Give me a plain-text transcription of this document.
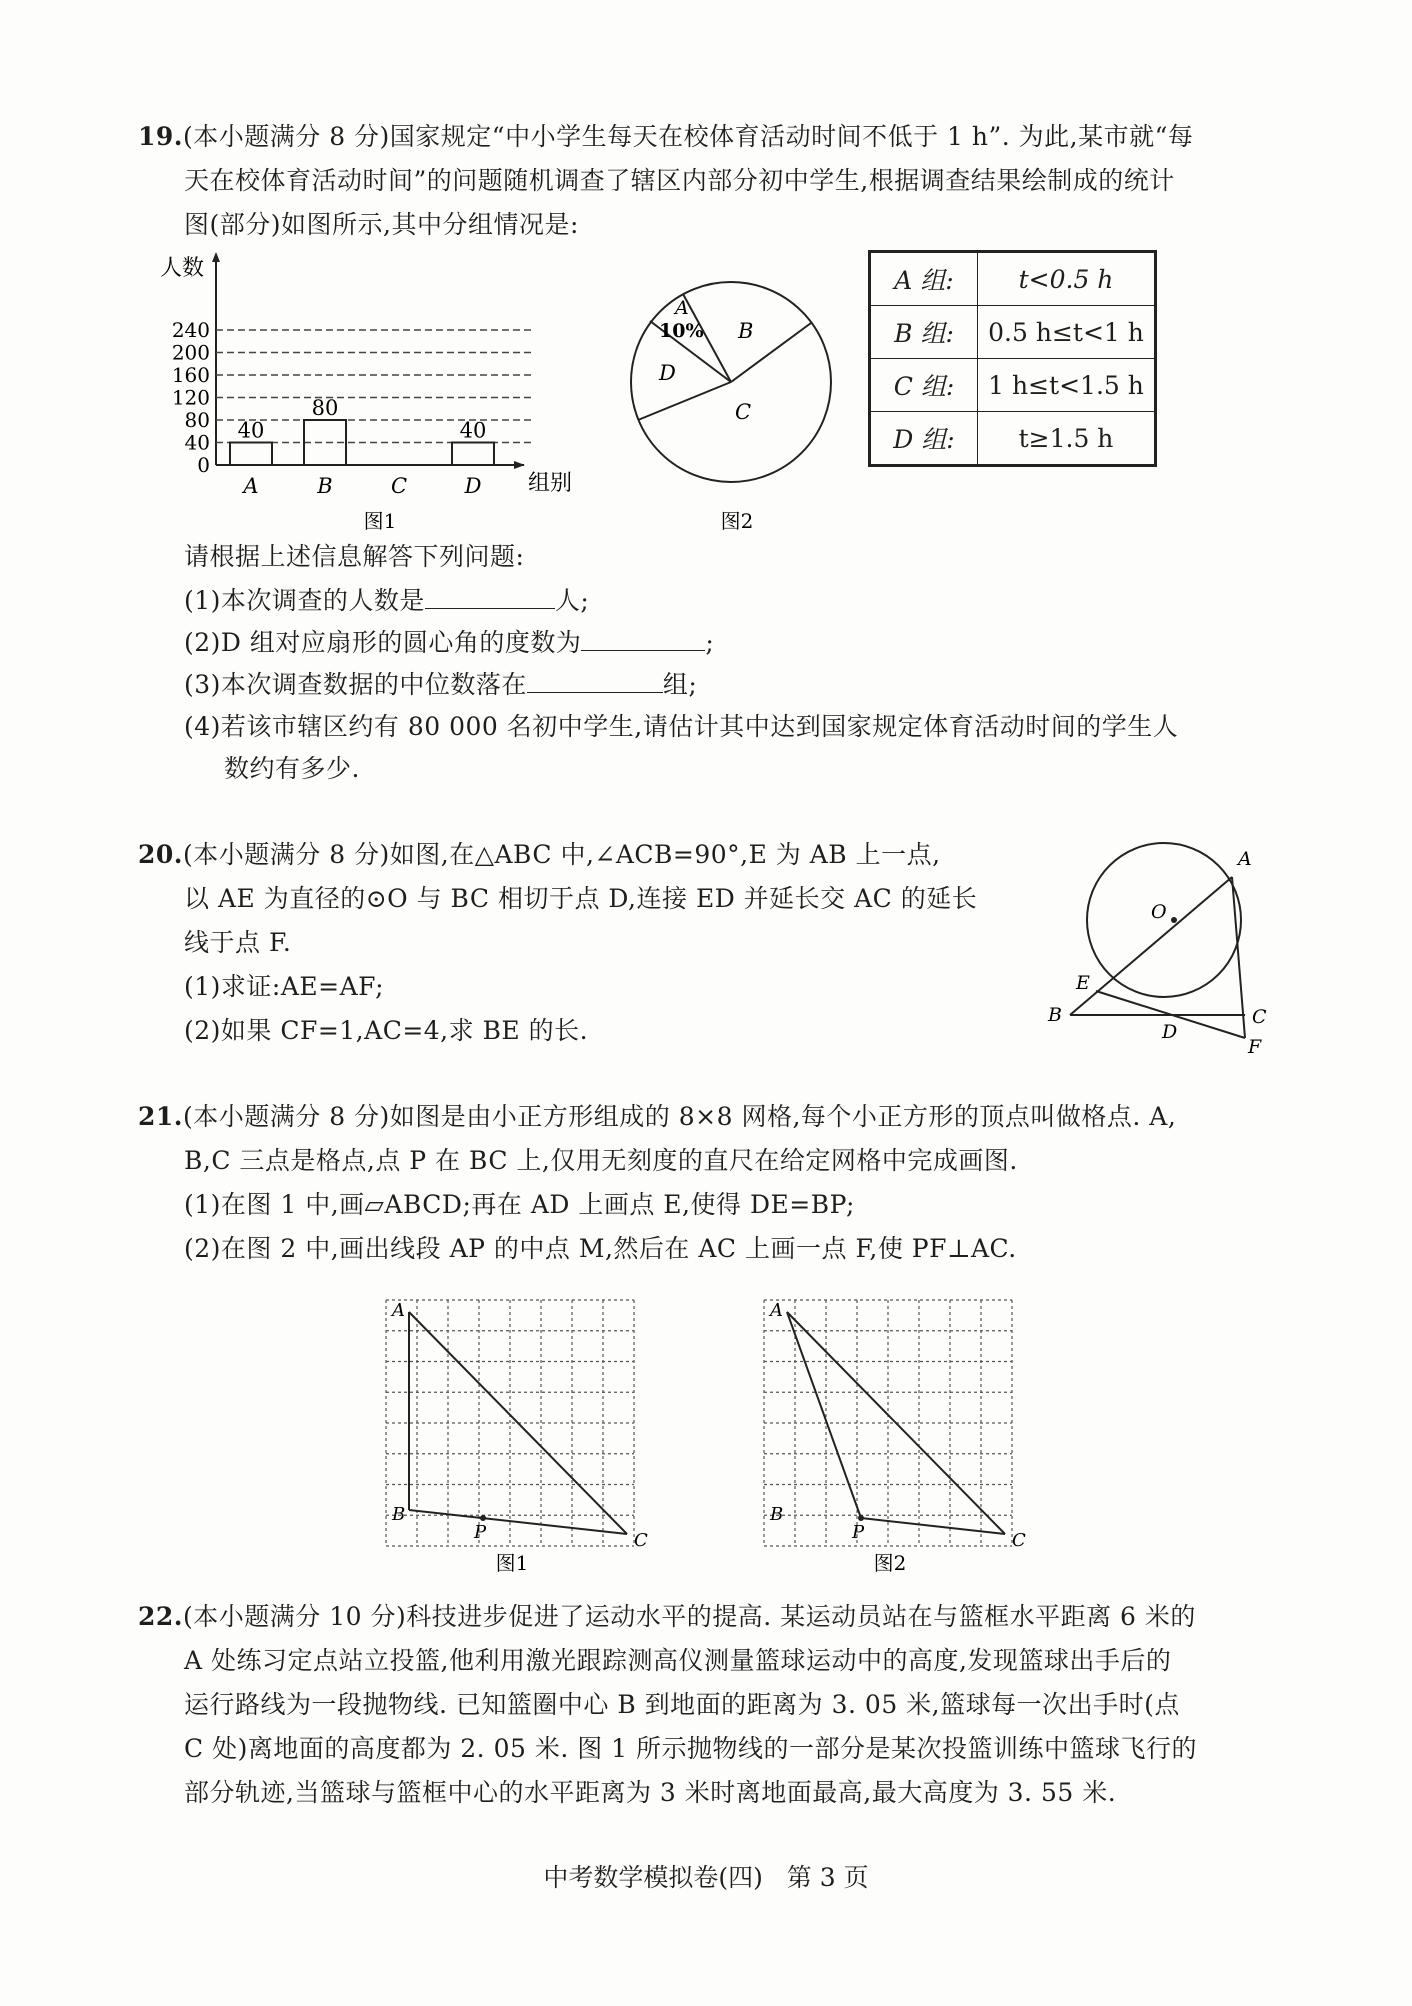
19.(本小题满分 8 分)国家规定“中小学生每天在校体育活动时间不低于 1 h”. 为此,某市就“每
天在校体育活动时间”的问题随机调查了辖区内部分初中学生,根据调查结果绘制成的统计
图(部分)如图所示,其中分组情况是:
0
40
80
120
160
200
240
40
80
40
A	B	C	D
人数
组别
图1
A
10% B
C
D
图2
A 组:	t<0.5 h
B 组:	0.5 h≤t<1 h
C 组:	1 h≤t<1.5 h
D 组:	t≥1.5 h
请根据上述信息解答下列问题:
(1)本次调查的人数是	人;
(2)D 组对应扇形的圆心角的度数为	;
(3)本次调查数据的中位数落在	组;
(4)若该市辖区约有 80 000 名初中学生,请估计其中达到国家规定体育活动时间的学生人
数约有多少.
20.(本小题满分 8 分)如图,在△ABC 中,∠ACB=90°,E 为 AB 上一点,
以 AE 为直径的⊙O 与 BC 相切于点 D,连接 ED 并延长交 AC 的延长
线于点 F.
(1)求证:AE=AF;
(2)如果 CF=1,AC=4,求 BE 的长.
A
O
E
B
D
C
F
21.(本小题满分 8 分)如图是由小正方形组成的 8×8 网格,每个小正方形的顶点叫做格点. A,
B,C 三点是格点,点 P 在 BC 上,仅用无刻度的直尺在给定网格中完成画图.
(1)在图 1 中,画▱ABCD;再在 AD 上画点 E,使得 DE=BP;
(2)在图 2 中,画出线段 AP 的中点 M,然后在 AC 上画一点 F,使 PF⊥AC.
A
B
P	C
图1
A
B
P	C
图2
22.(本小题满分 10 分)科技进步促进了运动水平的提高. 某运动员站在与篮框水平距离 6 米的
A 处练习定点站立投篮,他利用激光跟踪测高仪测量篮球运动中的高度,发现篮球出手后的
运行路线为一段抛物线. 已知篮圈中心 B 到地面的距离为 3. 05 米,篮球每一次出手时(点
C 处)离地面的高度都为 2. 05 米. 图 1 所示抛物线的一部分是某次投篮训练中篮球飞行的
部分轨迹,当篮球与篮框中心的水平距离为 3 米时离地面最高,最大高度为 3. 55 米.
中考数学模拟卷(四)   第 3 页
